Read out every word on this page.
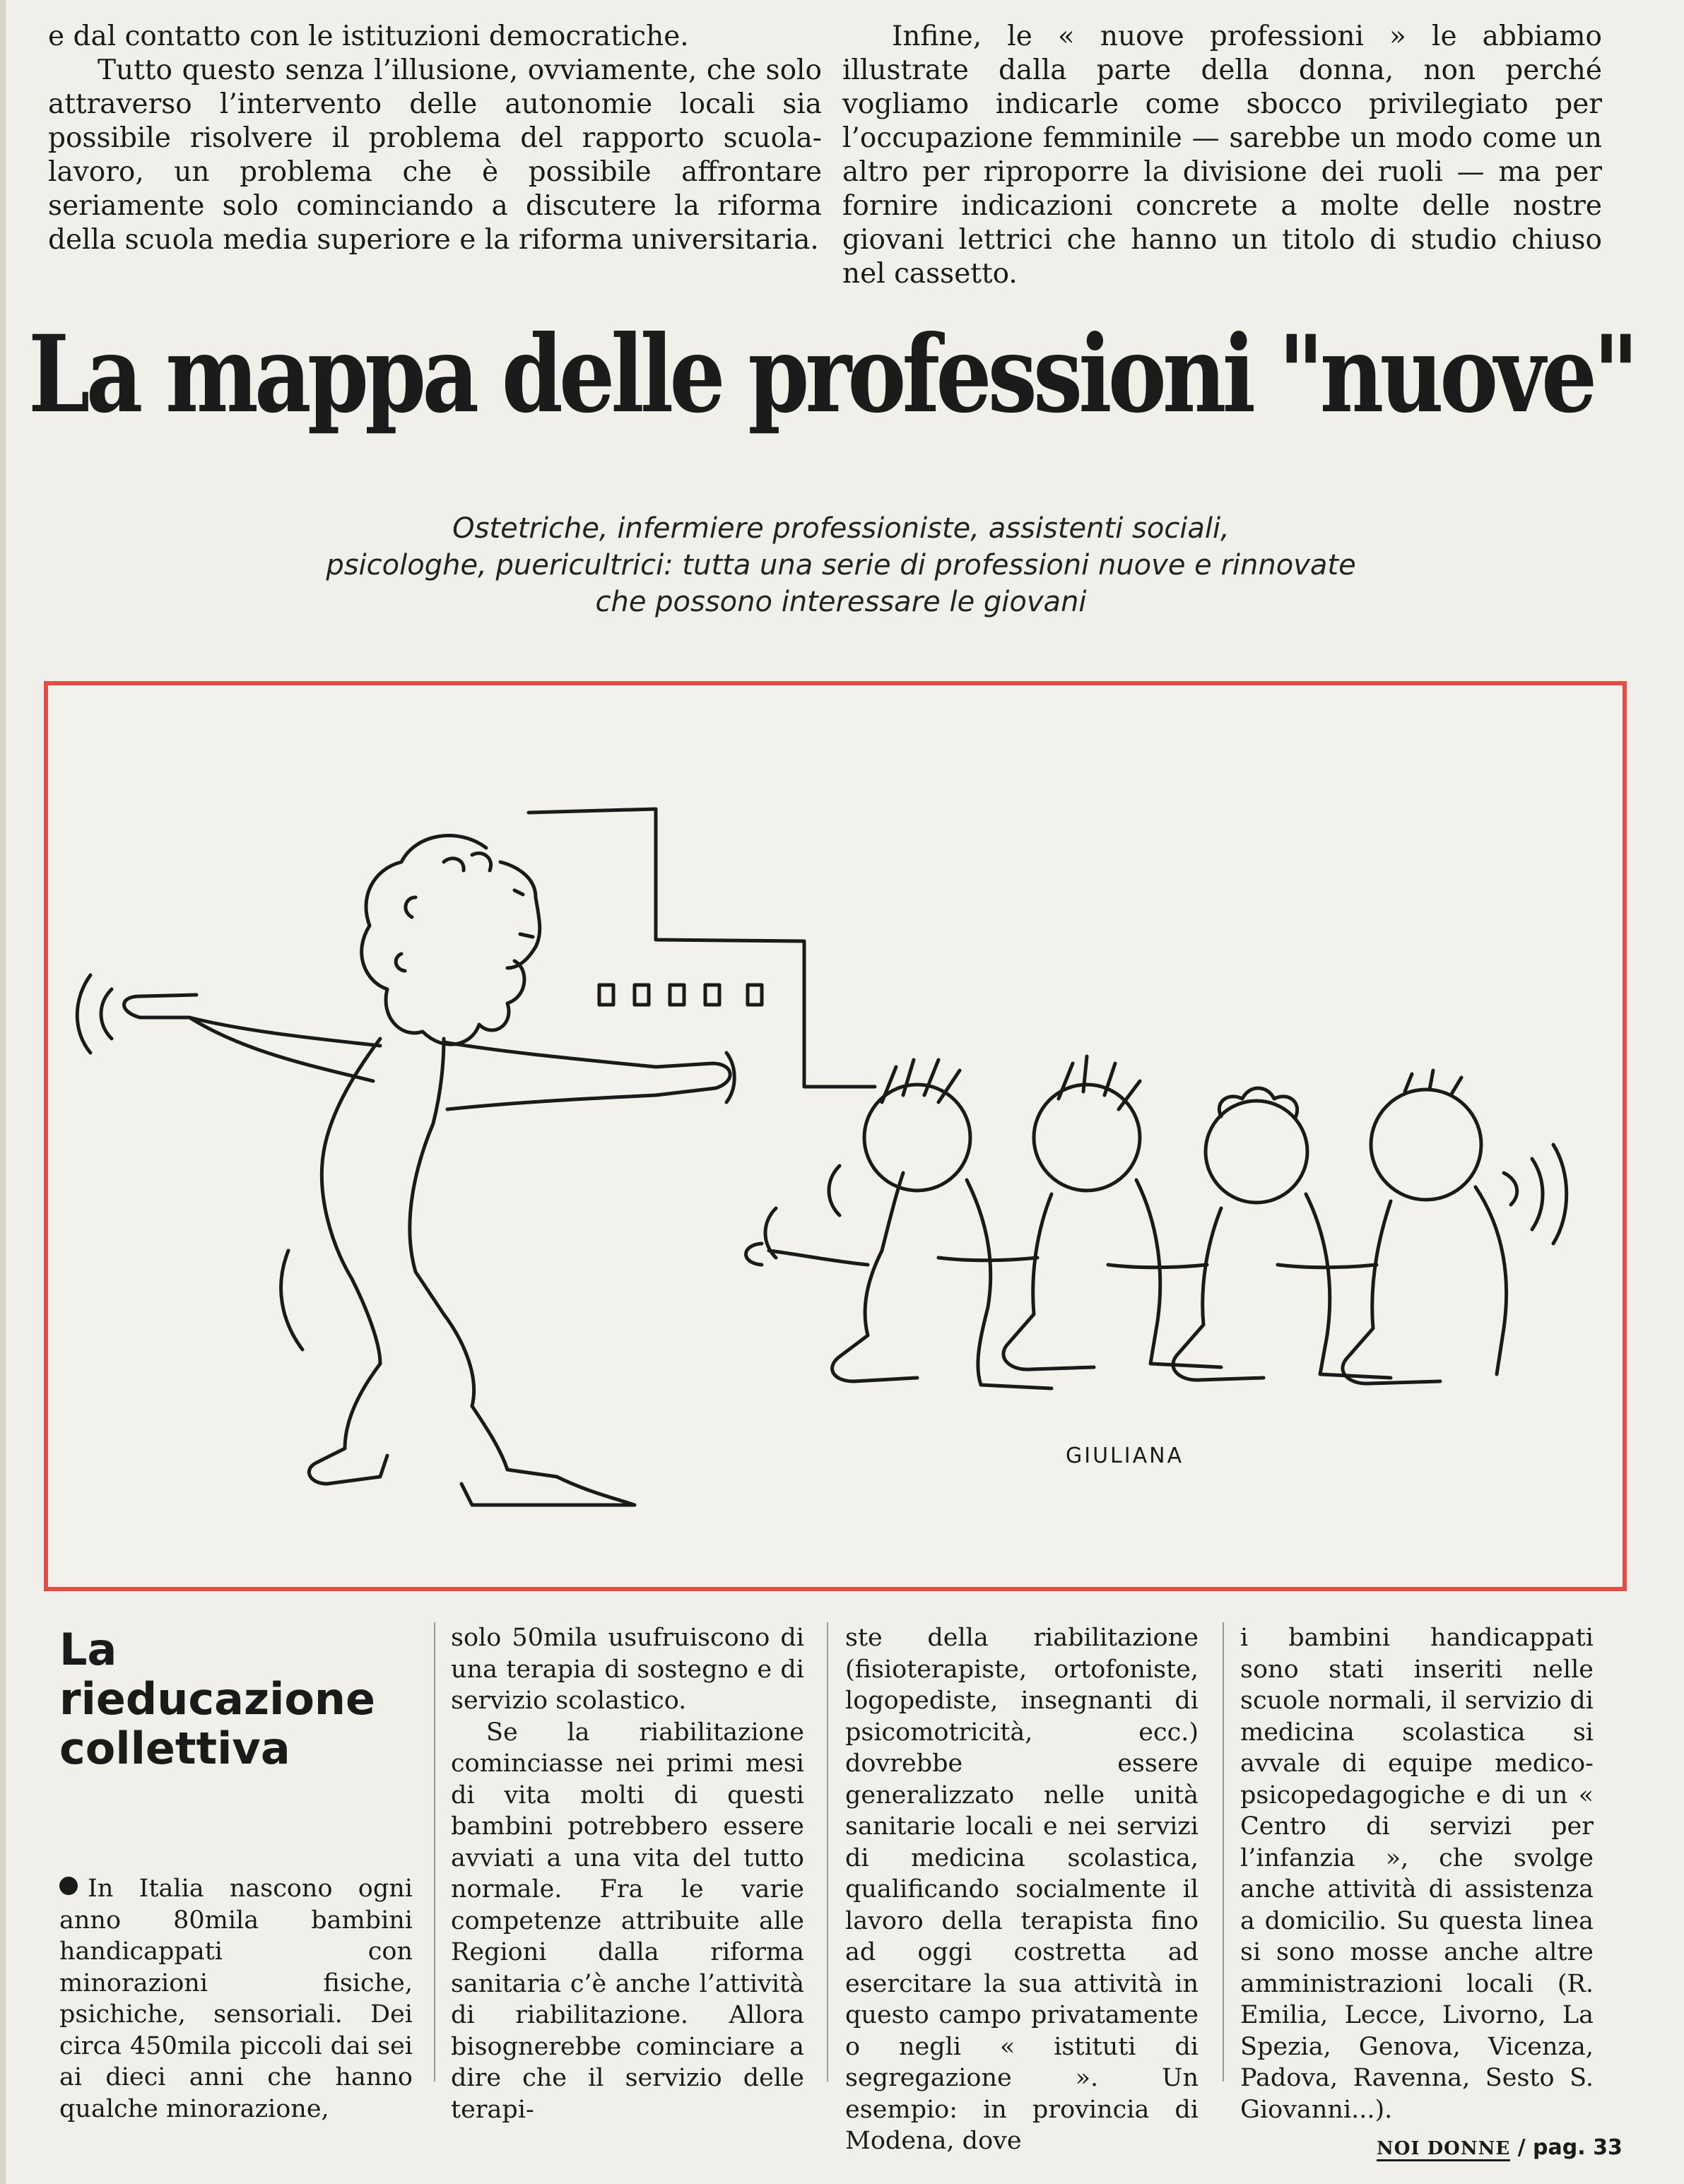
e dal contatto con le istituzioni democratiche.

Tutto questo senza l’illusione, ovviamente, che solo attraverso l’intervento delle autonomie locali sia possibile risolvere il problema del rapporto scuola-lavoro, un problema che è possibile affrontare seriamente solo cominciando a discutere la riforma della scuola media superiore e la riforma universitaria.

Infine, le « nuove professioni » le abbiamo illustrate dalla parte della donna, non perché vogliamo indicarle come sbocco privilegiato per l’occupazione femminile — sarebbe un modo come un altro per riproporre la divisione dei ruoli — ma per fornire indicazioni concrete a molte delle nostre giovani lettrici che hanno un titolo di studio chiuso nel cassetto.

La mappa delle professioni "nuove"
Ostetriche, infermiere professioniste, assistenti sociali,
psicologhe, puericultrici: tutta una serie di professioni nuove e rinnovate
che possono interessare le giovani
GIULIANA
La
rieducazione
collettiva

In Italia nascono ogni anno 80mila bambini handicappati con minorazioni fisiche, psichiche, sensoriali. Dei circa 450mila piccoli dai sei ai dieci anni che hanno qualche minorazione,

solo 50mila usufruiscono di una terapia di sostegno e di servizio scolastico.

Se la riabilitazione cominciasse nei primi mesi di vita molti di questi bambini potrebbero essere avviati a una vita del tutto normale. Fra le varie competenze attribuite alle Regioni dalla riforma sanitaria c’è anche l’attività di riabilitazione. Allora bisognerebbe cominciare a dire che il servizio delle terapi-

ste della riabilitazione (fisioterapiste, ortofoniste, logopediste, insegnanti di psicomotricità, ecc.) dovrebbe essere generalizzato nelle unità sanitarie locali e nei servizi di medicina scolastica, qualificando socialmente il lavoro della terapista fino ad oggi costretta ad esercitare la sua attività in questo campo privatamente o negli « istituti di segregazione ». Un esempio: in provincia di Modena, dove

i bambini handicappati sono stati inseriti nelle scuole normali, il servizio di medicina scolastica si avvale di equipe medico-psicopedagogiche e di un « Centro di servizi per l’infanzia », che svolge anche attività di assistenza a domicilio. Su questa linea si sono mosse anche altre amministrazioni locali (R. Emilia, Lecce, Livorno, La Spezia, Genova, Vicenza, Padova, Ravenna, Sesto S. Giovanni...).

NOI DONNE / pag. 33
